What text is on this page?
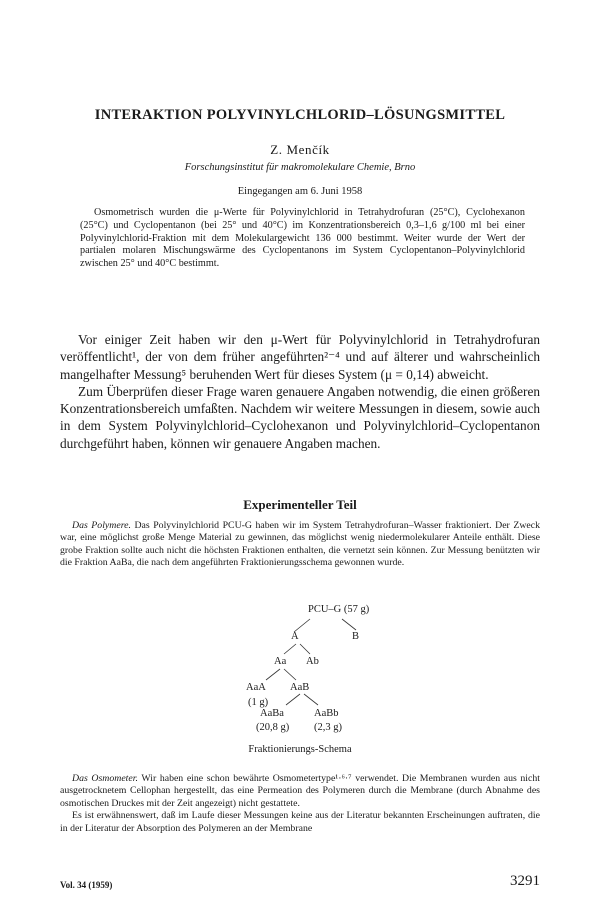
INTERAKTION POLYVINYLCHLORID–LÖSUNGSMITTEL
Z. Menčík
Forschungsinstitut für makromolekulare Chemie, Brno
Eingegangen am 6. Juni 1958
Osmometrisch wurden die μ-Werte für Polyvinylchlorid in Tetrahydrofuran (25°C), Cyclohexanon (25°C) und Cyclopentanon (bei 25° und 40°C) im Konzentrationsbereich 0,3–1,6 g/100 ml bei einer Polyvinylchlorid-Fraktion mit dem Molekulargewicht 136 000 bestimmt. Weiter wurde der Wert der partialen molaren Mischungswärme des Cyclopentanons im System Cyclopentanon–Polyvinylchlorid zwischen 25° und 40°C bestimmt.

Vor einiger Zeit haben wir den μ-Wert für Polyvinylchlorid in Tetrahydrofuran veröffentlicht¹, der von dem früher angeführten²⁻⁴ und auf älterer und wahrscheinlich mangelhafter Messung⁵ beruhenden Wert für dieses System (μ = 0,14) abweicht.

Zum Überprüfen dieser Frage waren genauere Angaben notwendig, die einen größeren Konzentrationsbereich umfaßten. Nachdem wir weitere Messungen in diesem, sowie auch in dem System Polyvinylchlorid–Cyclohexanon und Polyvinylchlorid–Cyclopentanon durchgeführt haben, können wir genauere Angaben machen.

Experimenteller Teil
Das Polymere. Das Polyvinylchlorid PCU-G haben wir im System Tetrahydrofuran–Wasser fraktioniert. Der Zweck war, eine möglichst große Menge Material zu gewinnen, das möglichst wenig niedermolekularer Anteile enthält. Diese grobe Fraktion sollte auch nicht die höchsten Fraktionen enthalten, die vernetzt sein können. Zur Messung benützten wir die Fraktion AaBa, die nach dem angeführten Fraktionierungsschema gewonnen wurde.
PCU–G (57 g)
A	B
Aa Ab
AaA
(1 g)
AaB
AaBa
(20,8 g)
AaBb
(2,3 g)
Fraktionierungs-Schema

Das Osmometer. Wir haben eine schon bewährte Osmometertype¹·⁶·⁷ verwendet. Die Membranen wurden aus nicht ausgetrocknetem Cellophan hergestellt, das eine Permeation des Polymeren durch die Membrane (durch Abnahme des osmotischen Druckes mit der Zeit angezeigt) nicht gestattete.

Es ist erwähnenswert, daß im Laufe dieser Messungen keine aus der Literatur bekannten Erscheinungen auftraten, die in der Literatur der Absorption des Polymeren an der Membrane

Vol. 34 (1959)	3291
